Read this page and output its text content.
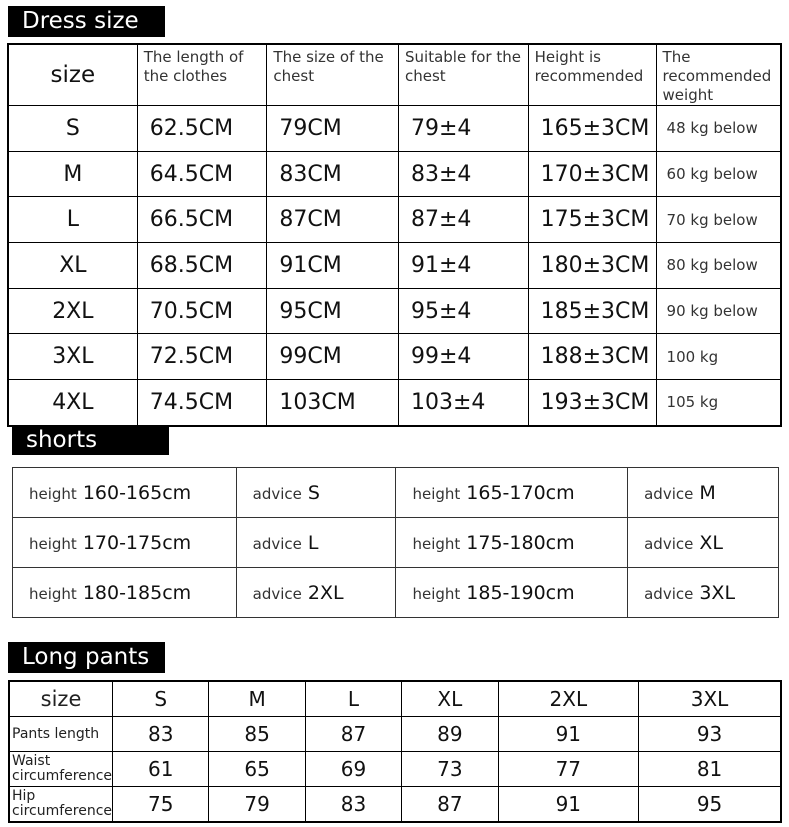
Dress size
size	The length of the clothes	The size of the chest	Suitable for the chest	Height is recommended	The recommended weight
S	62.5CM	79CM	79±4	165±3CM	48 kg below
M	64.5CM	83CM	83±4	170±3CM	60 kg below
L	66.5CM	87CM	87±4	175±3CM	70 kg below
XL	68.5CM	91CM	91±4	180±3CM	80 kg below
2XL	70.5CM	95CM	95±4	185±3CM	90 kg below
3XL	72.5CM	99CM	99±4	188±3CM	100 kg
4XL	74.5CM	103CM	103±4	193±3CM	105 kg
shorts
height 160-165cm	advice S	height 165-170cm	advice M
height 170-175cm	advice L	height 175-180cm	advice XL
height 180-185cm	advice 2XL	height 185-190cm	advice 3XL
Long pants
size	S	M	L	XL	2XL	3XL
Pants length	83	85	87	89	91	93
Waist circumference	61	65	69	73	77	81
Hip circumference	75	79	83	87	91	95
